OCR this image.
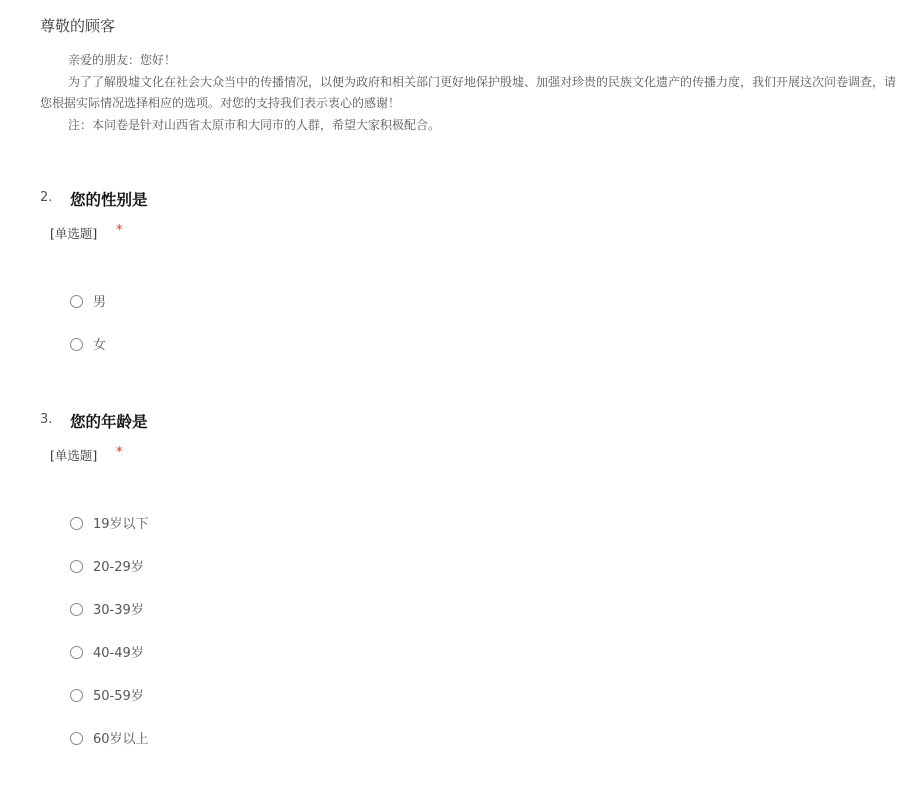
尊敬的顾客

亲爱的朋友：您好！

为了了解殷墟文化在社会大众当中的传播情况，以便为政府和相关部门更好地保护殷墟、加强对珍贵的民族文化遗产的传播力度，我们开展这次问卷调查，请您根据实际情况选择相应的选项。对您的支持我们表示衷心的感谢！

注：本问卷是针对山西省太原市和大同市的人群，希望大家积极配合。

2. 您的性别是
[单选题] *
男
女
3. 您的年龄是
[单选题] *
19岁以下
20-29岁
30-39岁
40-49岁
50-59岁
60岁以上
